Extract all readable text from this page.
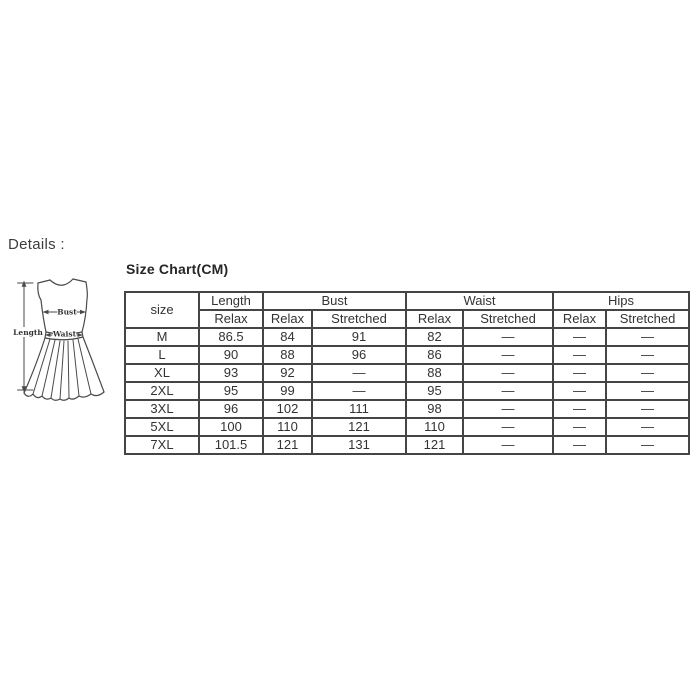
Details :
Bust
Waist
Length
Size Chart(CM)
size	Length	Bust		Waist		Hips	
	Relax	Relax	Stretched	Relax	Stretched	Relax	Stretched
M	86.5	84	91	82	—	—	—
L	90	88	96	86	—	—	—
XL	93	92	—	88	—	—	—
2XL	95	99	—	95	—	—	—
3XL	96	102	111	98	—	—	—
5XL	100	110	121	110	—	—	—
7XL	101.5	121	131	121	—	—	—
